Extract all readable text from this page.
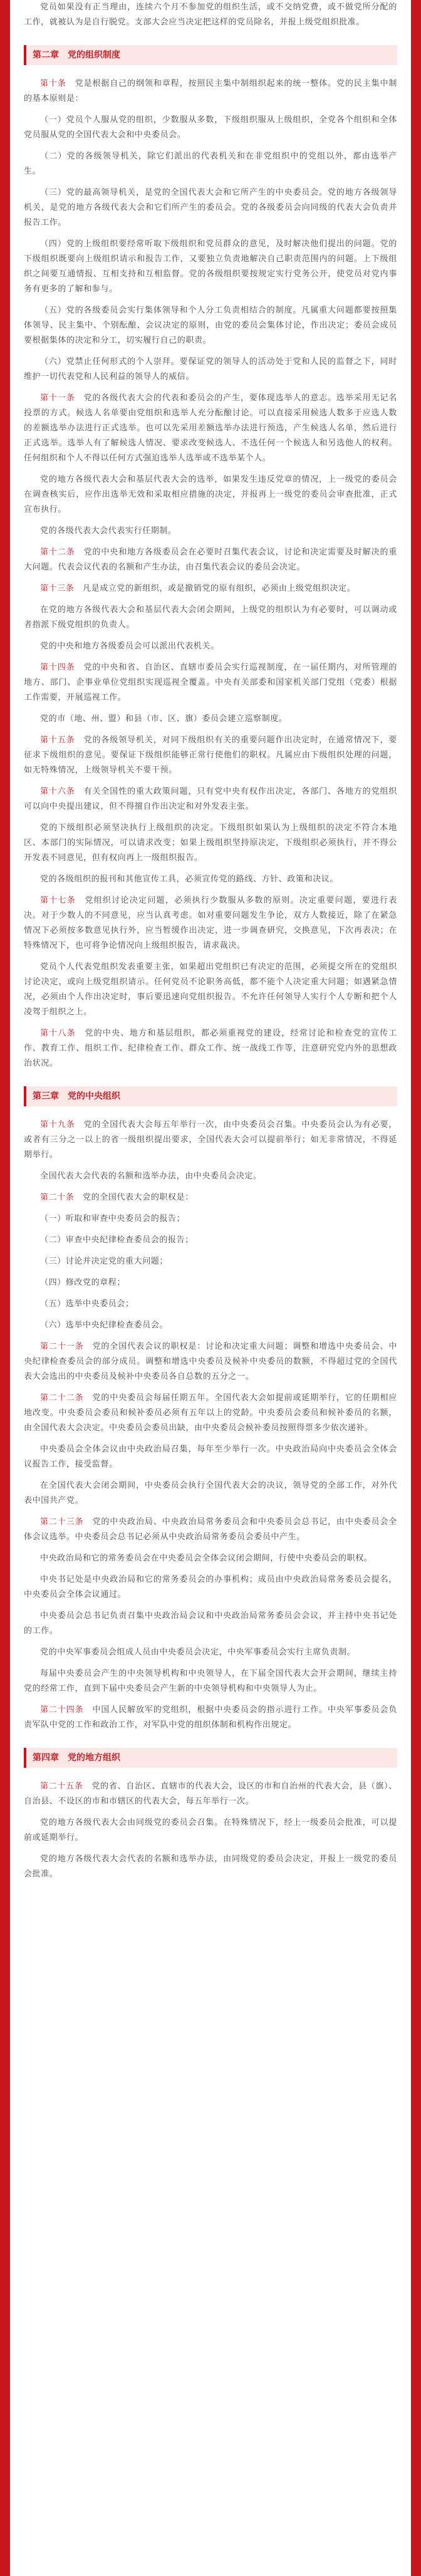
党员如果没有正当理由，连续六个月不参加党的组织生活，或不交纳党费，或不做党所分配的工作，就被认为是自行脱党。支部大会应当决定把这样的党员除名，并报上级党组织批准。

第二章　党的组织制度

第十条　 党是根据自己的纲领和章程，按照民主集中制组织起来的统一整体。党的民主集中制的基本原则是：

（一）党员个人服从党的组织，少数服从多数，下级组织服从上级组织，全党各个组织和全体党员服从党的全国代表大会和中央委员会。

（二）党的各级领导机关，除它们派出的代表机关和在非党组织中的党组以外，都由选举产生。

（三）党的最高领导机关，是党的全国代表大会和它所产生的中央委员会。党的地方各级领导机关，是党的地方各级代表大会和它们所产生的委员会。党的各级委员会向同级的代表大会负责并报告工作。

（四）党的上级组织要经常听取下级组织和党员群众的意见，及时解决他们提出的问题。党的下级组织既要向上级组织请示和报告工作，又要独立负责地解决自己职责范围内的问题。上下级组织之间要互通情报、互相支持和互相监督。党的各级组织要按规定实行党务公开，使党员对党内事务有更多的了解和参与。

（五）党的各级委员会实行集体领导和个人分工负责相结合的制度。凡属重大问题都要按照集体领导、民主集中、个别酝酿、会议决定的原则，由党的委员会集体讨论，作出决定；委员会成员要根据集体的决定和分工，切实履行自己的职责。

（六）党禁止任何形式的个人崇拜。要保证党的领导人的活动处于党和人民的监督之下，同时维护一切代表党和人民利益的领导人的威信。

第十一条　 党的各级代表大会的代表和委员会的产生，要体现选举人的意志。选举采用无记名投票的方式。候选人名单要由党组织和选举人充分酝酿讨论。可以直接采用候选人数多于应选人数的差额选举办法进行正式选举。也可以先采用差额选举办法进行预选，产生候选人名单，然后进行正式选举。选举人有了解候选人情况、要求改变候选人、不选任何一个候选人和另选他人的权利。任何组织和个人不得以任何方式强迫选举人选举或不选举某个人。

党的地方各级代表大会和基层代表大会的选举，如果发生违反党章的情况，上一级党的委员会在调查核实后，应作出选举无效和采取相应措施的决定，并报再上一级党的委员会审查批准，正式宣布执行。

党的各级代表大会代表实行任期制。

第十二条　 党的中央和地方各级委员会在必要时召集代表会议，讨论和决定需要及时解决的重大问题。代表会议代表的名额和产生办法，由召集代表会议的委员会决定。

第十三条　 凡是成立党的新组织，或是撤销党的原有组织，必须由上级党组织决定。

在党的地方各级代表大会和基层代表大会闭会期间，上级党的组织认为有必要时，可以调动或者指派下级党组织的负责人。

党的中央和地方各级委员会可以派出代表机关。

第十四条　 党的中央和省、自治区、直辖市委员会实行巡视制度，在一届任期内，对所管理的地方、部门、企事业单位党组织实现巡视全覆盖。中央有关部委和国家机关部门党组（党委）根据工作需要，开展巡视工作。

党的市（地、州、盟）和县（市、区、旗）委员会建立巡察制度。

第十五条　 党的各级领导机关，对同下级组织有关的重要问题作出决定时，在通常情况下，要征求下级组织的意见。要保证下级组织能够正常行使他们的职权。凡属应由下级组织处理的问题，如无特殊情况，上级领导机关不要干预。

第十六条　 有关全国性的重大政策问题，只有党中央有权作出决定，各部门、各地方的党组织可以向中央提出建议，但不得擅自作出决定和对外发表主张。

党的下级组织必须坚决执行上级组织的决定。下级组织如果认为上级组织的决定不符合本地区、本部门的实际情况，可以请求改变；如果上级组织坚持原决定，下级组织必须执行，并不得公开发表不同意见，但有权向再上一级组织报告。

党的各级组织的报刊和其他宣传工具，必须宣传党的路线、方针、政策和决议。

第十七条　 党组织讨论决定问题，必须执行少数服从多数的原则。决定重要问题，要进行表决。对于少数人的不同意见，应当认真考虑。如对重要问题发生争论，双方人数接近，除了在紧急情况下必须按多数意见执行外，应当暂缓作出决定，进一步调查研究，交换意见，下次再表决；在特殊情况下，也可将争论情况向上级组织报告，请求裁决。

党员个人代表党组织发表重要主张，如果超出党组织已有决定的范围，必须提交所在的党组织讨论决定，或向上级党组织请示。任何党员不论职务高低，都不能个人决定重大问题；如遇紧急情况，必须由个人作出决定时，事后要迅速向党组织报告。不允许任何领导人实行个人专断和把个人凌驾于组织之上。

第十八条　 党的中央、地方和基层组织，都必须重视党的建设，经常讨论和检查党的宣传工作、教育工作、组织工作、纪律检查工作、群众工作、统一战线工作等，注意研究党内外的思想政治状况。

第三章　党的中央组织

第十九条　 党的全国代表大会每五年举行一次，由中央委员会召集。中央委员会认为有必要，或者有三分之一以上的省一级组织提出要求，全国代表大会可以提前举行；如无非常情况，不得延期举行。

全国代表大会代表的名额和选举办法，由中央委员会决定。

第二十条　 党的全国代表大会的职权是：

（一）听取和审查中央委员会的报告；

（二）审查中央纪律检查委员会的报告；

（三）讨论并决定党的重大问题；

（四）修改党的章程；

（五）选举中央委员会；

（六）选举中央纪律检查委员会。

第二十一条　 党的全国代表会议的职权是：讨论和决定重大问题；调整和增选中央委员会、中央纪律检查委员会的部分成员。调整和增选中央委员及候补中央委员的数额，不得超过党的全国代表大会选出的中央委员及候补中央委员各自总数的五分之一。

第二十二条　 党的中央委员会每届任期五年。全国代表大会如提前或延期举行，它的任期相应地改变。中央委员会委员和候补委员必须有五年以上的党龄。中央委员会委员和候补委员的名额，由全国代表大会决定。中央委员会委员出缺，由中央委员会候补委员按照得票多少依次递补。

中央委员会全体会议由中央政治局召集，每年至少举行一次。中央政治局向中央委员会全体会议报告工作，接受监督。

在全国代表大会闭会期间，中央委员会执行全国代表大会的决议，领导党的全部工作，对外代表中国共产党。

第二十三条　 党的中央政治局、中央政治局常务委员会和中央委员会总书记，由中央委员会全体会议选举。中央委员会总书记必须从中央政治局常务委员会委员中产生。

中央政治局和它的常务委员会在中央委员会全体会议闭会期间，行使中央委员会的职权。

中央书记处是中央政治局和它的常务委员会的办事机构；成员由中央政治局常务委员会提名，中央委员会全体会议通过。

中央委员会总书记负责召集中央政治局会议和中央政治局常务委员会会议，并主持中央书记处的工作。

党的中央军事委员会组成人员由中央委员会决定，中央军事委员会实行主席负责制。

每届中央委员会产生的中央领导机构和中央领导人，在下届全国代表大会开会期间，继续主持党的经常工作，直到下届中央委员会产生新的中央领导机构和中央领导人为止。

第二十四条　 中国人民解放军的党组织，根据中央委员会的指示进行工作。中央军事委员会负责军队中党的工作和政治工作，对军队中党的组织体制和机构作出规定。

第四章　党的地方组织

第二十五条　 党的省、自治区、直辖市的代表大会，设区的市和自治州的代表大会，县（旗）、自治县、不设区的市和市辖区的代表大会，每五年举行一次。

党的地方各级代表大会由同级党的委员会召集。在特殊情况下，经上一级委员会批准，可以提前或延期举行。

党的地方各级代表大会代表的名额和选举办法，由同级党的委员会决定，并报上一级党的委员会批准。
